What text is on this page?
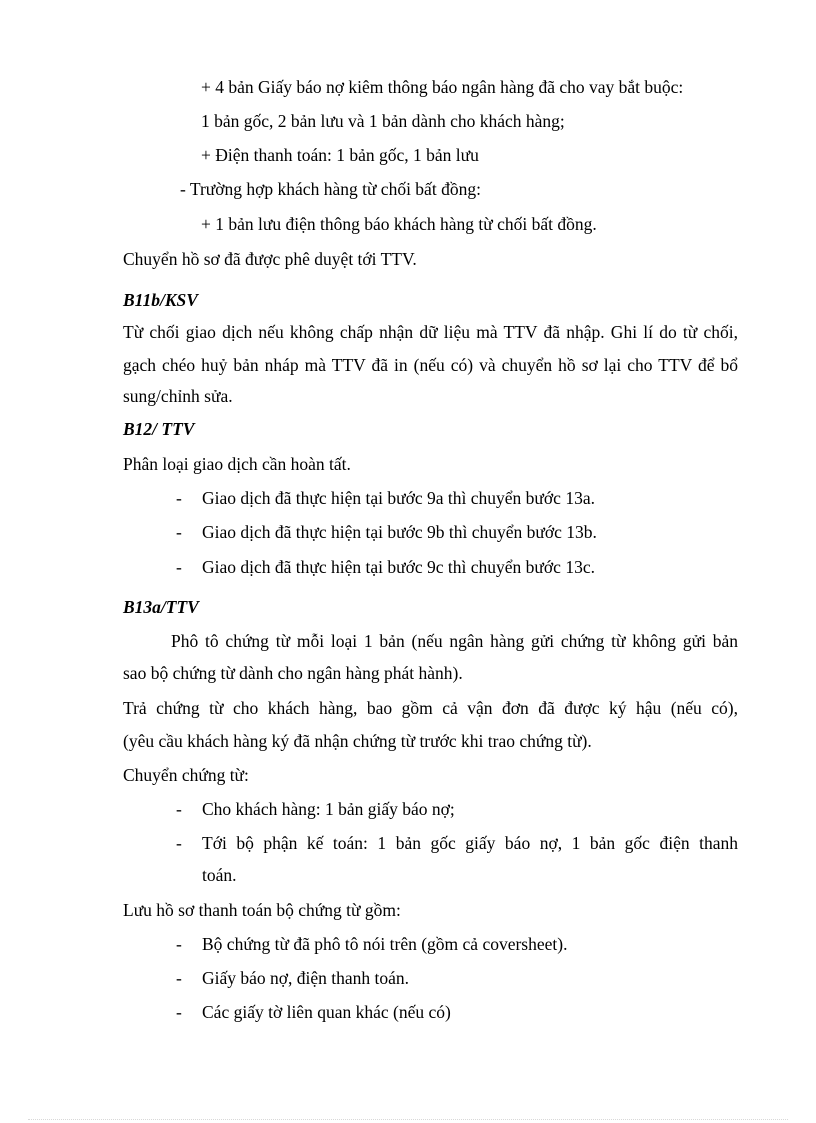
+ 4 bản Giấy báo nợ kiêm thông báo ngân hàng đã cho vay bắt buộc:
1 bản gốc, 2 bản lưu và 1 bản dành cho khách hàng;
+ Điện thanh toán: 1 bản gốc, 1 bản lưu
- Trường hợp khách hàng từ chối bất đồng:
+ 1 bản lưu điện thông báo khách hàng từ chối bất đồng.
Chuyển hồ sơ đã được phê duyệt tới TTV.
B11b/KSV
Từ chối giao dịch nếu không chấp nhận dữ liệu mà TTV đã nhập. Ghi lí do từ chối,
gạch chéo huỷ bản nháp mà TTV đã in (nếu có) và chuyển hồ sơ lại cho TTV để bổ
sung/chỉnh sửa.
B12/ TTV
Phân loại giao dịch cần hoàn tất.
- Giao dịch đã thực hiện tại bước 9a thì chuyển bước 13a.
- Giao dịch đã thực hiện tại bước 9b thì chuyển bước 13b.
- Giao dịch đã thực hiện tại bước 9c thì chuyển bước 13c.
B13a/TTV
Phô tô chứng từ mỗi loại 1 bản (nếu ngân hàng gửi chứng từ không gửi bản
sao bộ chứng từ dành cho ngân hàng phát hành).
Trả chứng từ cho khách hàng, bao gồm cả vận đơn đã được ký hậu (nếu có),
(yêu cầu khách hàng ký đã nhận chứng từ trước khi trao chứng từ).
Chuyển chứng từ:
- Cho khách hàng: 1 bản giấy báo nợ;
- Tới bộ phận kế toán: 1 bản gốc giấy báo nợ, 1 bản gốc điện thanh
toán.
Lưu hồ sơ thanh toán bộ chứng từ gồm:
- Bộ chứng từ đã phô tô nói trên (gồm cả coversheet).
- Giấy báo nợ, điện thanh toán.
- Các giấy tờ liên quan khác (nếu có)
